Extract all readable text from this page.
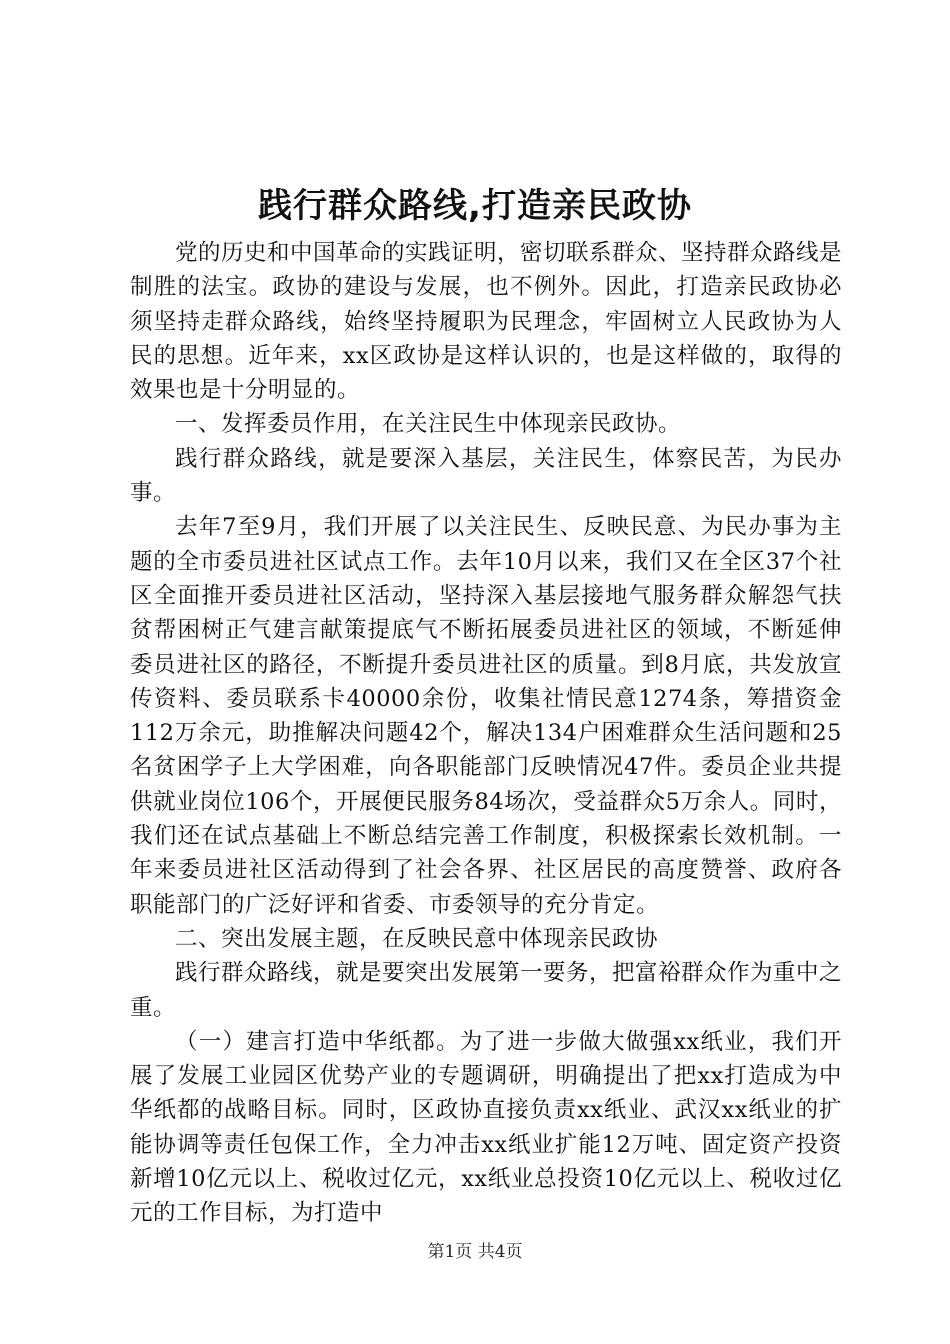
践行群众路线,打造亲民政协

党的历史和中国革命的实践证明，密切联系群众、坚持群众路线是制胜的法宝。政协的建设与发展，也不例外。因此，打造亲民政协必须坚持走群众路线，始终坚持履职为民理念，牢固树立人民政协为人民的思想。近年来，xx区政协是这样认识的，也是这样做的，取得的效果也是十分明显的。

一、发挥委员作用，在关注民生中体现亲民政协。

践行群众路线，就是要深入基层，关注民生，体察民苦，为民办事。

去年7至9月，我们开展了以关注民生、反映民意、为民办事为主题的全市委员进社区试点工作。去年10月以来，我们又在全区37个社区全面推开委员进社区活动，坚持深入基层接地气服务群众解怨气扶贫帮困树正气建言献策提底气不断拓展委员进社区的领域，不断延伸委员进社区的路径，不断提升委员进社区的质量。到8月底，共发放宣传资料、委员联系卡40000余份，收集社情民意1274条，筹措资金112万余元，助推解决问题42个，解决134户困难群众生活问题和25名贫困学子上大学困难，向各职能部门反映情况47件。委员企业共提供就业岗位106个，开展便民服务84场次，受益群众5万余人。同时，我们还在试点基础上不断总结完善工作制度，积极探索长效机制。一年来委员进社区活动得到了社会各界、社区居民的高度赞誉、政府各职能部门的广泛好评和省委、市委领导的充分肯定。

二、突出发展主题，在反映民意中体现亲民政协

践行群众路线，就是要突出发展第一要务，把富裕群众作为重中之重。

（一）建言打造中华纸都。为了进一步做大做强xx纸业，我们开展了发展工业园区优势产业的专题调研，明确提出了把xx打造成为中华纸都的战略目标。同时，区政协直接负责xx纸业、武汉xx纸业的扩能协调等责任包保工作，全力冲击xx纸业扩能12万吨、固定资产投资新增10亿元以上、税收过亿元，xx纸业总投资10亿元以上、税收过亿元的工作目标，为打造中

第1页 共4页
